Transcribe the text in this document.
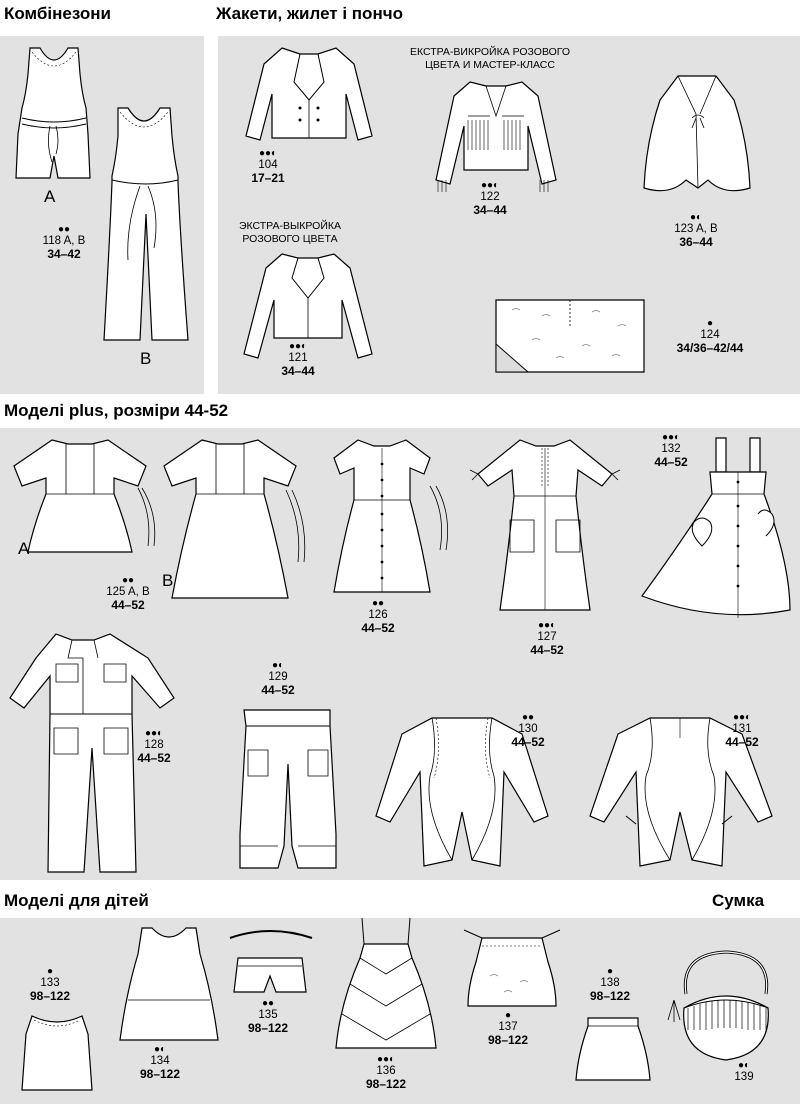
Комбінезони	Жакети, жилет і пончо
Моделі plus, розміри 44-52
Моделі для дітей	Сумка
A
B
●●
118 A, B
34–42
●●◐
104
17–21
ЭКСТРА-ВЫКРОЙКА РОЗОВОГО ЦВЕТА
●●◐
121
34–44
ЕКСТРА-ВИКРОЙКА РОЗОВОГО ЦВЕТА И МАСТЕР-КЛАСС
●●◐
122
34–44
●◐
123 A, B
36–44
●
124
34/36–42/44
A
B
●●
125 A, B
44–52	●●
126
44–52	●●◐
127
44–52
●●◐
132
44–52
●●◐
128
44–52
●◐
129
44–52
●●
130
44–52
●●◐
131
44–52
●
133
98–122
●◐
134
98–122
●●
135
98–122
●●◐
136
98–122
●
137
98–122
●
138
98–122
●◐
139
